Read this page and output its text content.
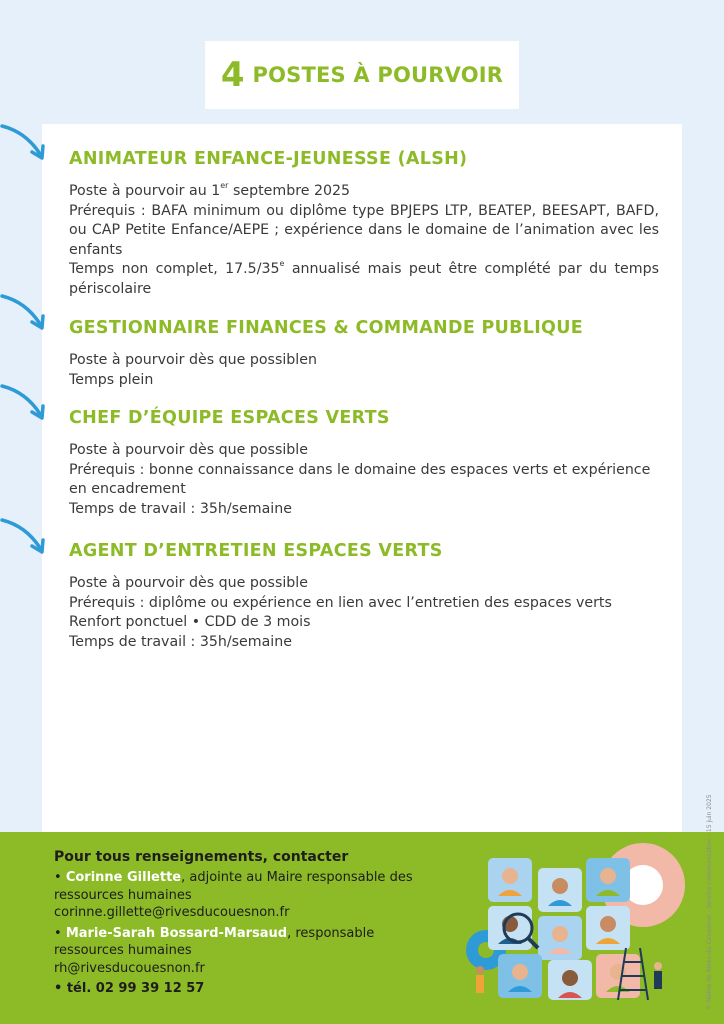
4 POSTES À POURVOIR
ANIMATEUR ENFANCE-JEUNESSE (ALSH)

Poste à pourvoir au 1er septembre 2025

Prérequis : BAFA minimum ou diplôme type BPJEPS LTP, BEATEP, BEESAPT, BAFD, ou CAP Petite Enfance/AEPE ; expérience dans le domaine de l’animation avec les enfants

Temps non complet, 17.5/35e annualisé mais peut être complété par du temps périscolaire

GESTIONNAIRE FINANCES & COMMANDE PUBLIQUE

Poste à pourvoir dès que possiblen

Temps plein

CHEF D’ÉQUIPE ESPACES VERTS

Poste à pourvoir dès que possible

Prérequis : bonne connaissance dans le domaine des espaces verts et expérience en encadrement

Temps de travail : 35h/semaine

AGENT D’ENTRETIEN ESPACES VERTS

Poste à pourvoir dès que possible

Prérequis : diplôme ou expérience en lien avec l’entretien des espaces verts

Renfort ponctuel • CDD de 3 mois

Temps de travail : 35h/semaine

Pour tous renseignements, contacter
• Corinne Gillette, adjointe au Maire responsable des ressources humaines
corinne.gillette@rivesducouesnon.fr
• Marie-Sarah Bossard-Marsaud, responsable ressources humaines
rh@rivesducouesnon.fr
• tél. 02 99 39 12 57	© Mairie de Rives-du-Couesnon - Service communication - 15 juin 2025
